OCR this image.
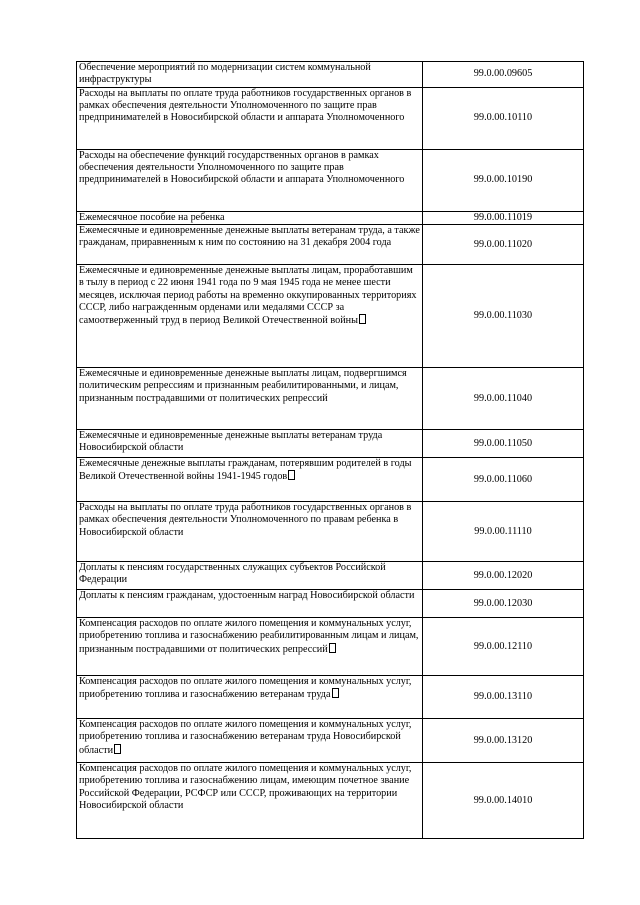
Обеспечение мероприятий по модернизации систем коммунальной инфраструктуры	99.0.00.09605
Расходы на выплаты по оплате труда работников государственных органов в рамках обеспечения деятельности Уполномоченного по защите прав предпринимателей в Новосибирской области и аппарата Уполномоченного	99.0.00.10110
Расходы на обеспечение функций государственных органов в рамках обеспечения деятельности Уполномоченного по защите прав предпринимателей в Новосибирской области и аппарата Уполномоченного	99.0.00.10190
Ежемесячное пособие на ребенка	99.0.00.11019
Ежемесячные и единовременные денежные выплаты ветеранам труда, а также гражданам, приравненным к ним по состоянию на 31 декабря 2004 года	99.0.00.11020
Ежемесячные и единовременные денежные выплаты лицам, проработавшим в тылу в период с 22 июня 1941 года по 9 мая 1945 года не менее шести месяцев, исключая период работы на временно оккупированных территориях СССР, либо награжденным орденами или медалями СССР за самоотверженный труд в период Великой Отечественной войны	99.0.00.11030
Ежемесячные и единовременные денежные выплаты лицам, подвергшимся политическим репрессиям и признанным реабилитированными, и лицам, признанным пострадавшими от политических репрессий	99.0.00.11040
Ежемесячные и единовременные денежные выплаты ветеранам труда Новосибирской области	99.0.00.11050
Ежемесячные денежные выплаты гражданам, потерявшим родителей в годы Великой Отечественной войны 1941-1945 годов	99.0.00.11060
Расходы на выплаты по оплате труда работников государственных органов в рамках обеспечения деятельности Уполномоченного по правам ребенка в Новосибирской области	99.0.00.11110
Доплаты к пенсиям государственных служащих субъектов Российской Федерации	99.0.00.12020
Доплаты к пенсиям гражданам, удостоенным наград Новосибирской области	99.0.00.12030
Компенсация расходов по оплате жилого помещения и коммунальных услуг, приобретению топлива и газоснабжению реабилитированным лицам и лицам, признанным пострадавшими от политических репрессий	99.0.00.12110
Компенсация расходов по оплате жилого помещения и коммунальных услуг, приобретению топлива и газоснабжению ветеранам труда	99.0.00.13110
Компенсация расходов по оплате жилого помещения и коммунальных услуг, приобретению топлива и газоснабжению ветеранам труда Новосибирской области	99.0.00.13120
Компенсация расходов по оплате жилого помещения и коммунальных услуг, приобретению топлива и газоснабжению лицам, имеющим почетное звание Российской Федерации, РСФСР или СССР, проживающих на территории Новосибирской области	99.0.00.14010
